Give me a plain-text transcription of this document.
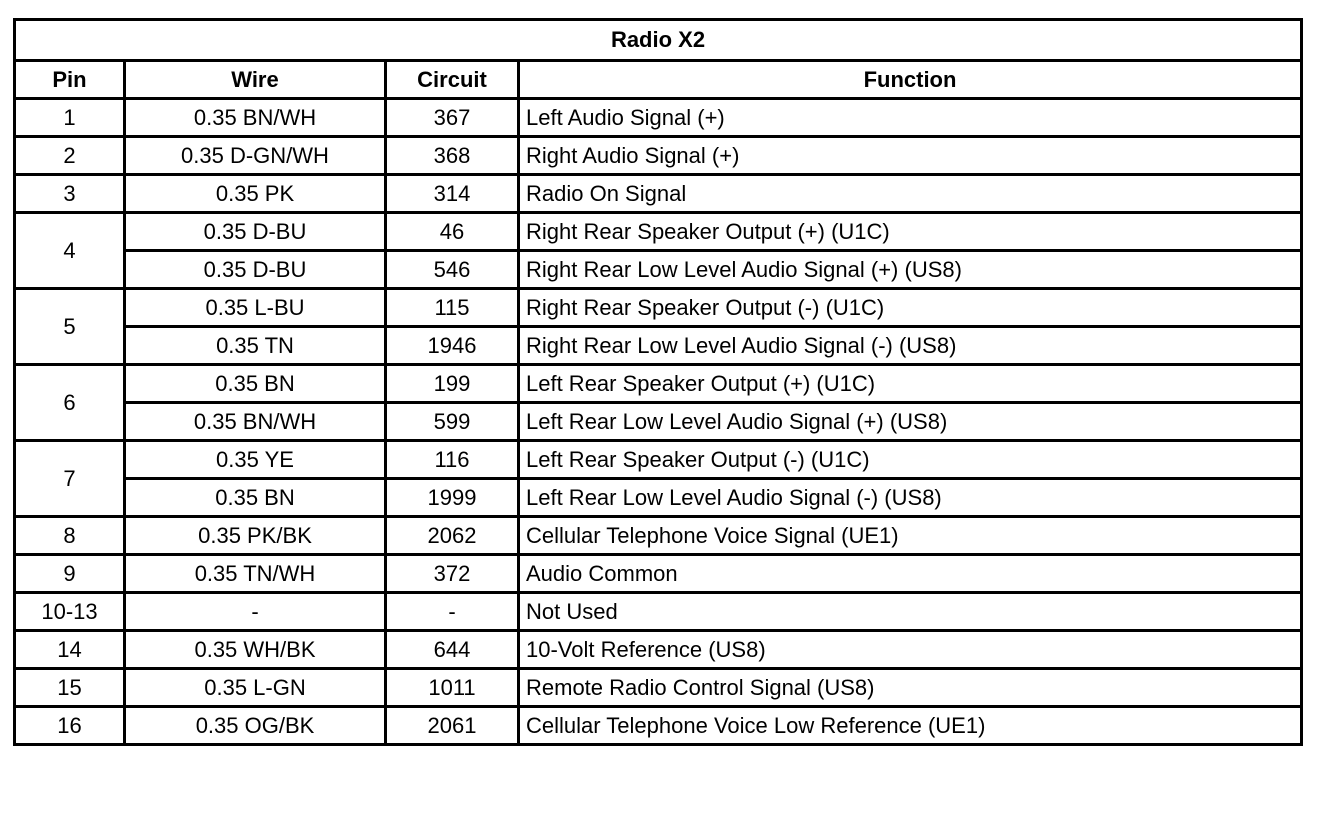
Radio X2			
Pin	Wire	Circuit	Function
1	0.35 BN/WH	367	Left Audio Signal (+)
2	0.35 D-GN/WH	368	Right Audio Signal (+)
3	0.35 PK	314	Radio On Signal
4	0.35 D-BU	46	Right Rear Speaker Output (+) (U1C)
	0.35 D-BU	546	Right Rear Low Level Audio Signal (+) (US8)
5	0.35 L-BU	115	Right Rear Speaker Output (-) (U1C)
	0.35 TN	1946	Right Rear Low Level Audio Signal (-) (US8)
6	0.35 BN	199	Left Rear Speaker Output (+) (U1C)
	0.35 BN/WH	599	Left Rear Low Level Audio Signal (+) (US8)
7	0.35 YE	116	Left Rear Speaker Output (-) (U1C)
	0.35 BN	1999	Left Rear Low Level Audio Signal (-) (US8)
8	0.35 PK/BK	2062	Cellular Telephone Voice Signal (UE1)
9	0.35 TN/WH	372	Audio Common
10-13	-	-	Not Used
14	0.35 WH/BK	644	10-Volt Reference (US8)
15	0.35 L-GN	1011	Remote Radio Control Signal (US8)
16	0.35 OG/BK	2061	Cellular Telephone Voice Low Reference (UE1)
